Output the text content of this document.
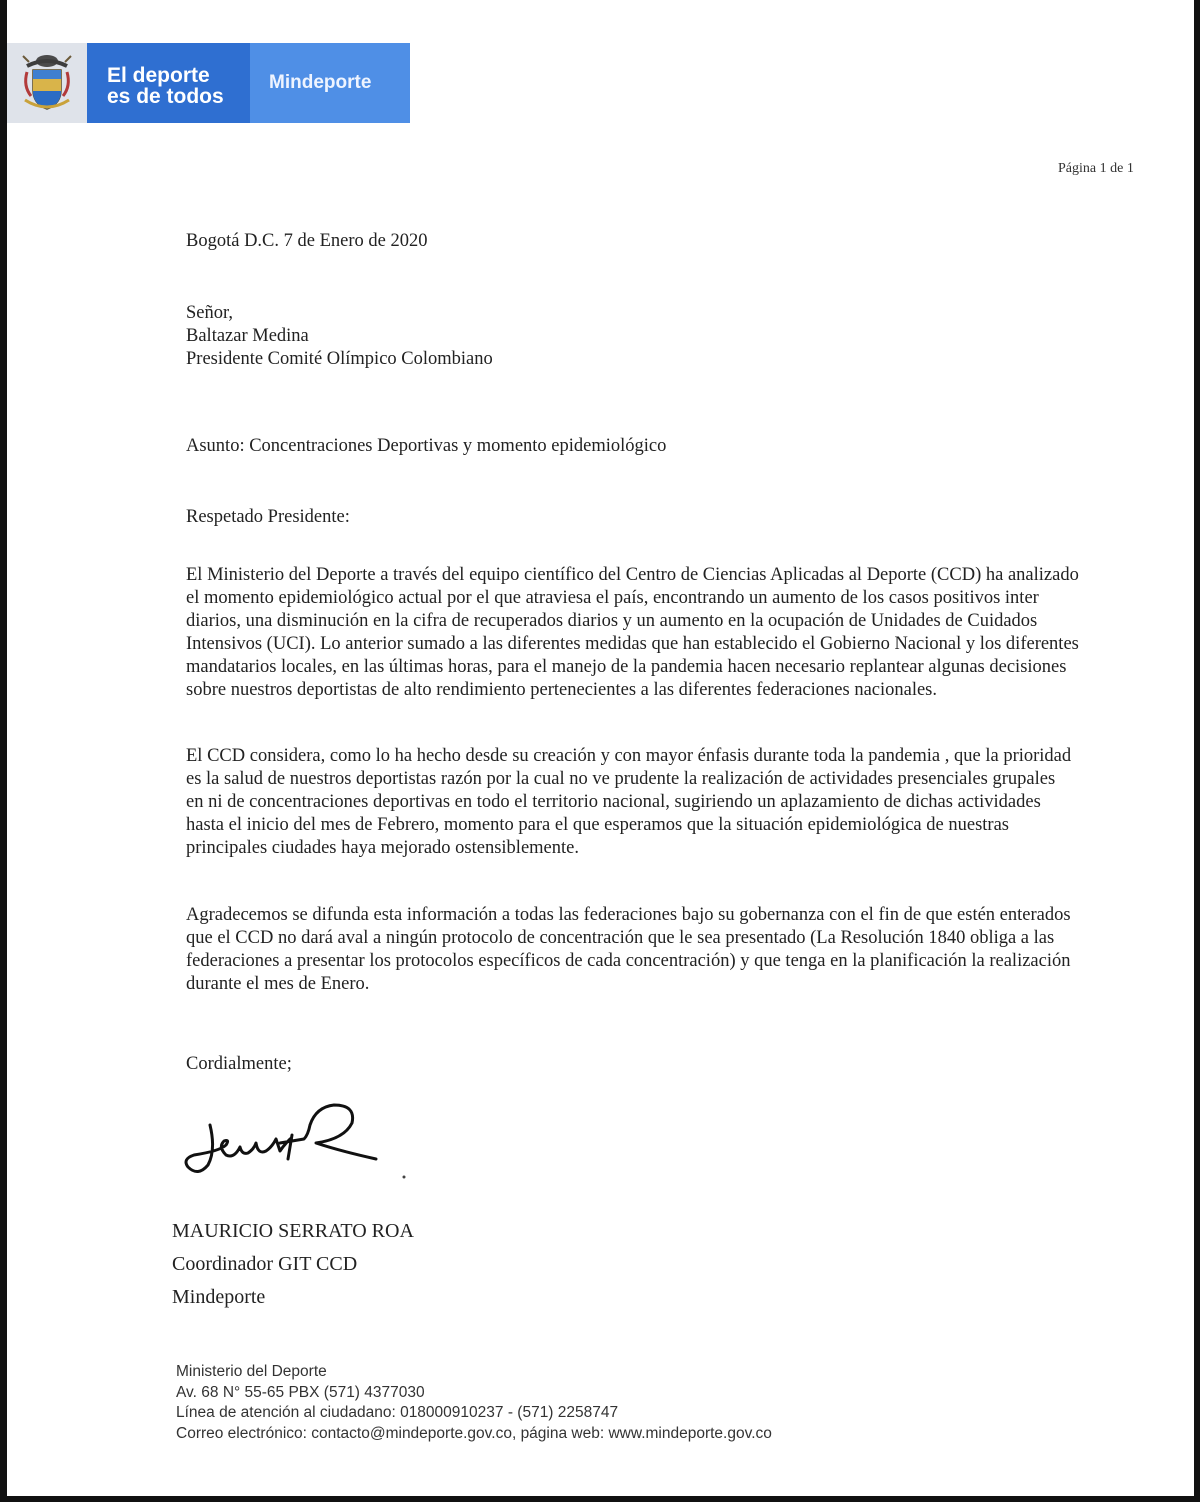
El deporte
es de todos
Mindeporte
Página 1 de 1
Bogotá D.C. 7 de Enero de 2020
Señor,
Baltazar Medina
Presidente Comité Olímpico Colombiano
Asunto: Concentraciones Deportivas y momento epidemiológico
Respetado Presidente:
El Ministerio del Deporte a través del equipo científico del Centro de Ciencias Aplicadas al Deporte (CCD) ha analizado
el momento epidemiológico actual por el que atraviesa el país, encontrando un aumento de los casos positivos inter
diarios, una disminución en la cifra de recuperados diarios y un aumento en la ocupación de Unidades de Cuidados
Intensivos (UCI). Lo anterior sumado a las diferentes medidas que han establecido el Gobierno Nacional y los diferentes
mandatarios locales, en las últimas horas, para el manejo de la pandemia hacen necesario replantear algunas decisiones
sobre nuestros deportistas de alto rendimiento pertenecientes a las diferentes federaciones nacionales.
El CCD considera, como lo ha hecho desde su creación y con mayor énfasis durante toda la pandemia , que la prioridad
es la salud de nuestros deportistas razón por la cual no ve prudente la realización de actividades presenciales grupales
en ni de concentraciones deportivas en todo el territorio nacional, sugiriendo un aplazamiento de dichas actividades
hasta el inicio del mes de Febrero, momento para el que esperamos que la situación epidemiológica de nuestras
principales ciudades haya mejorado ostensiblemente.
Agradecemos se difunda esta información a todas las federaciones bajo su gobernanza con el fin de que estén enterados
que el CCD no dará aval a ningún protocolo de concentración que le sea presentado (La Resolución 1840 obliga a las
federaciones a presentar los protocolos específicos de cada concentración) y que tenga en la planificación la realización
durante el mes de Enero.
Cordialmente;
MAURICIO SERRATO ROA
Coordinador GIT CCD
Mindeporte
Ministerio del Deporte
Av. 68 N° 55-65 PBX (571) 4377030
Línea de atención al ciudadano: 018000910237 - (571) 2258747
Correo electrónico: contacto@mindeporte.gov.co, página web: www.mindeporte.gov.co
